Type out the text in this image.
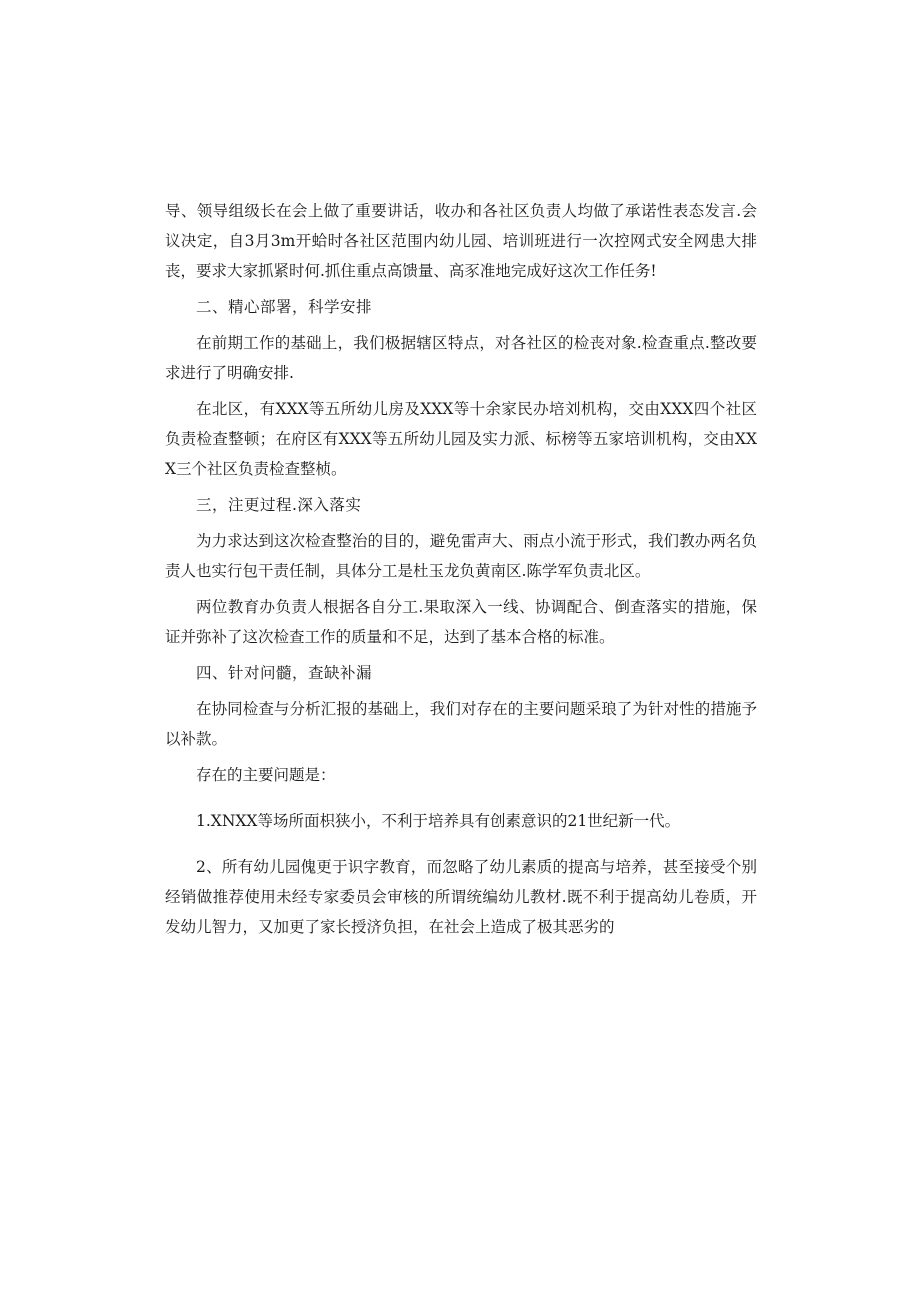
导、领导组级长在会上做了重要讲话，收办和各社区负责人均做了承诺性表态发言.会议决定，自3月3m开蛤时各社区范围内幼儿园、培训班进行一次控网式安全网患大排丧，要求大家抓紧时何.抓住重点高馈量、高豕准地完成好这次工作任务!

二、精心部署，科学安排

在前期工作的基础上，我们极据辖区特点，对各社区的检丧对象.检查重点.整改要求进行了明确安排.

在北区，有XXX等五所幼儿房及XXX等十余家民办培刘机构，交由XXX四个社区负责检查整顿；在府区有XXX等五所幼儿园及实力派、标榜等五家培训机构，交由XXX三个社区负责检查整桢。

三，注更过程.深入落实

为力求达到这次检查整治的目的，避免雷声大、雨点小流于形式，我们教办两名负责人也实行包干责任制，具体分工是杜玉龙负黄南区.陈学军负责北区。

两位教育办负责人根据各自分工.果取深入一线、协调配合、倒查落实的措施，保证并弥补了这次检查工作的质量和不足，达到了基本合格的标准。

四、针对问髓，查缺补漏

在协同检查与分析汇报的基础上，我们对存在的主要问题采琅了为针对性的措施予以补款。

存在的主要问题是：

1.XNXX等场所面枳狭小，不利于培养具有创素意识的21世纪新一代。

2、所有幼儿园傀更于识字教育，而忽略了幼儿素质的提高与培养，甚至接受个别经销做推荐使用未经专家委员会审核的所谓统编幼儿教材.既不利于提高幼儿卷质，开发幼儿智力，又加更了家长授济负担，在社会上造成了极其恶劣的
